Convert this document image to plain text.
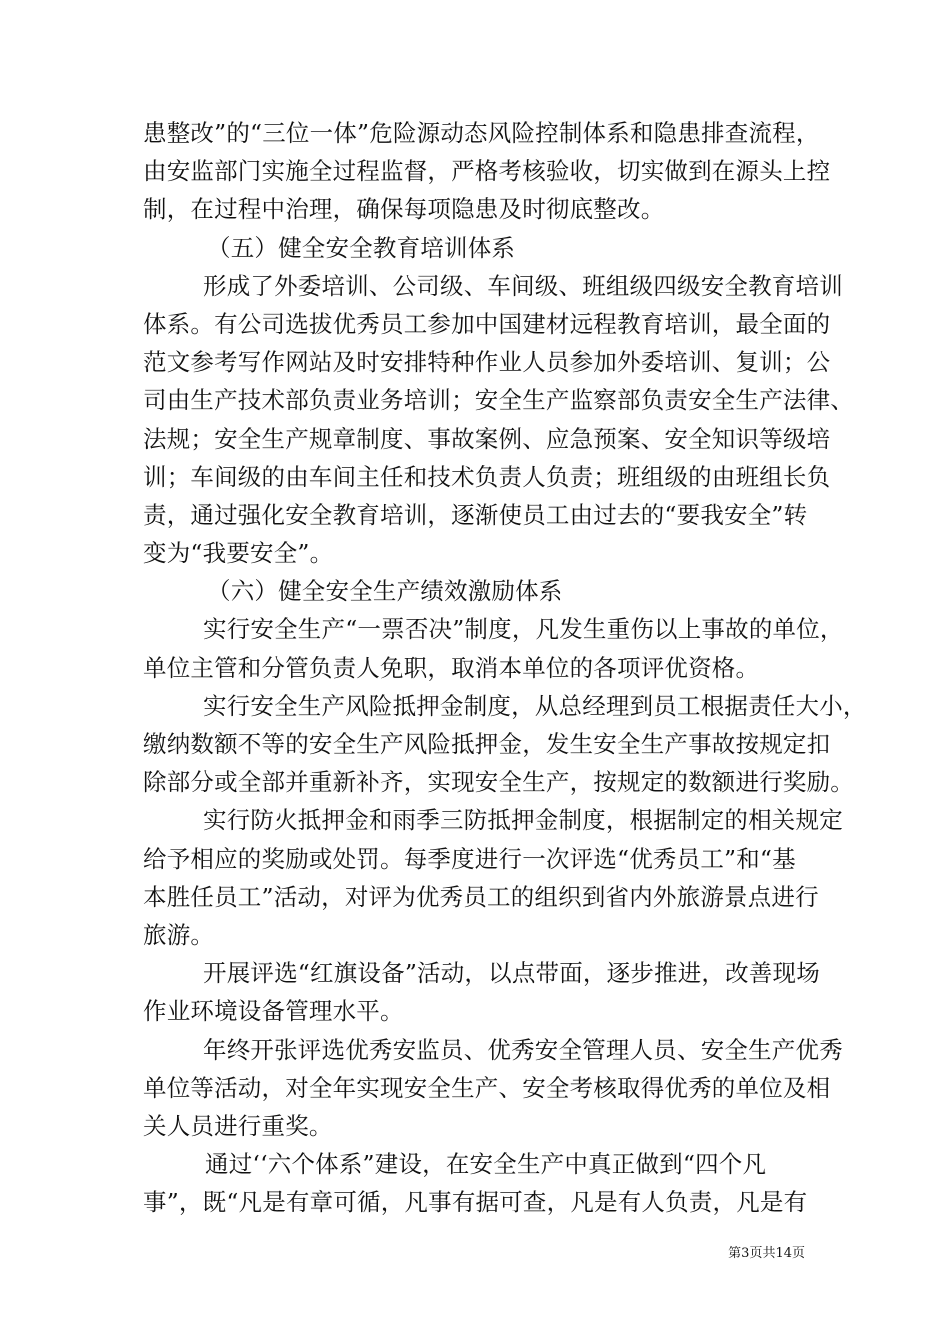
患整改”的“三位一体”危险源动态风险控制体系和隐患排查流程，
由安监部门实施全过程监督，严格考核验收，切实做到在源头上控
制，在过程中治理，确保每项隐患及时彻底整改。
（五）健全安全教育培训体系
形成了外委培训、公司级、车间级、班组级四级安全教育培训
体系。有公司选拔优秀员工参加中国建材远程教育培训，最全面的
范文参考写作网站及时安排特种作业人员参加外委培训、复训；公
司由生产技术部负责业务培训；安全生产监察部负责安全生产法律、
法规；安全生产规章制度、事故案例、应急预案、安全知识等级培
训；车间级的由车间主任和技术负责人负责；班组级的由班组长负
责，通过强化安全教育培训，逐渐使员工由过去的“要我安全”转
变为“我要安全”。
（六）健全安全生产绩效激励体系
实行安全生产“一票否决”制度，凡发生重伤以上事故的单位，
单位主管和分管负责人免职，取消本单位的各项评优资格。
实行安全生产风险抵押金制度，从总经理到员工根据责任大小，
缴纳数额不等的安全生产风险抵押金，发生安全生产事故按规定扣
除部分或全部并重新补齐，实现安全生产，按规定的数额进行奖励。
实行防火抵押金和雨季三防抵押金制度，根据制定的相关规定
给予相应的奖励或处罚。每季度进行一次评选“优秀员工”和“基
本胜任员工”活动，对评为优秀员工的组织到省内外旅游景点进行
旅游。
开展评选“红旗设备”活动，以点带面，逐步推进，改善现场
作业环境设备管理水平。
年终开张评选优秀安监员、优秀安全管理人员、安全生产优秀
单位等活动，对全年实现安全生产、安全考核取得优秀的单位及相
关人员进行重奖。
通过‘‘六个体系”建设，在安全生产中真正做到“四个凡
事”，既“凡是有章可循，凡事有据可查，凡是有人负责，凡是有
第3页共14页
